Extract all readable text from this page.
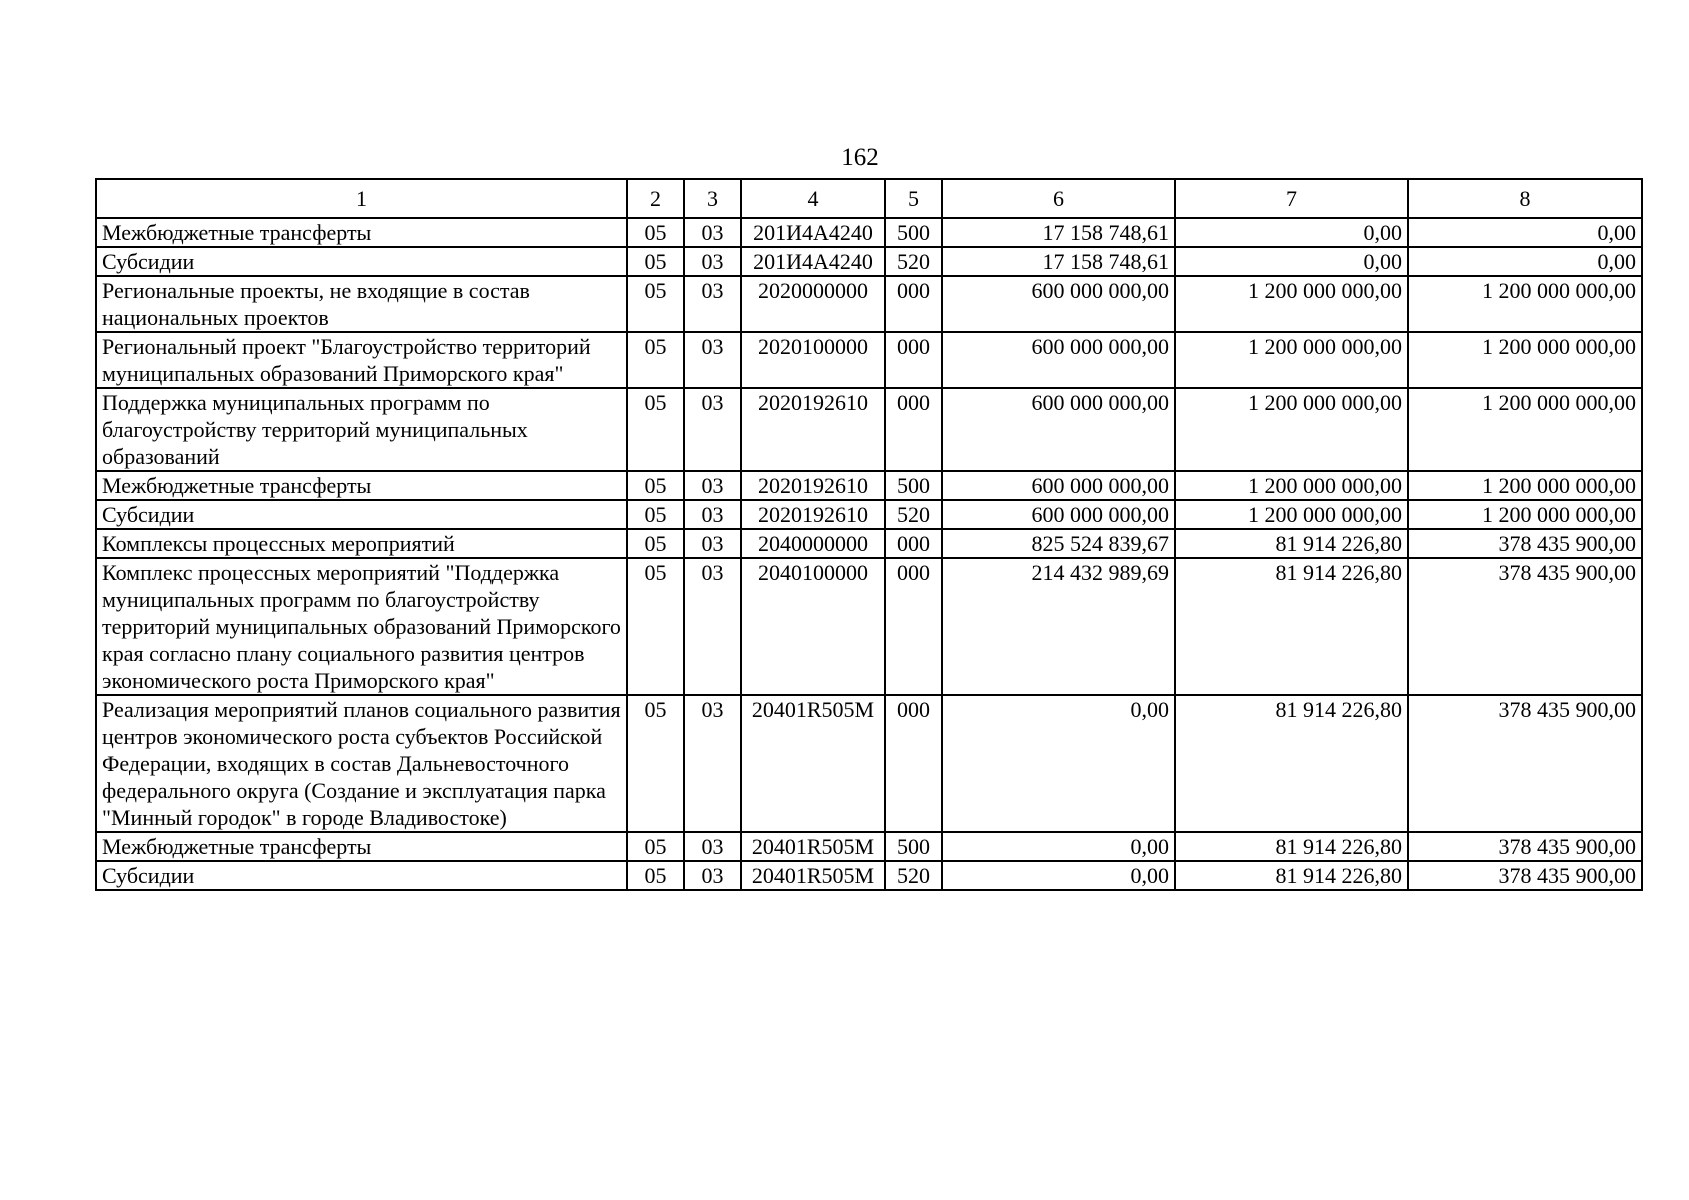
162
1	2	3	4	5	6	7	8
Межбюджетные трансферты	05	03	201И4А4240	500	17 158 748,61	0,00	0,00
Субсидии	05	03	201И4А4240	520	17 158 748,61	0,00	0,00
Региональные проекты, не входящие в состав национальных проектов	05	03	2020000000	000	600 000 000,00	1 200 000 000,00	1 200 000 000,00
Региональный проект "Благоустройство территорий муниципальных образований Приморского края"	05	03	2020100000	000	600 000 000,00	1 200 000 000,00	1 200 000 000,00
Поддержка муниципальных программ по благоустройству территорий муниципальных образований	05	03	2020192610	000	600 000 000,00	1 200 000 000,00	1 200 000 000,00
Межбюджетные трансферты	05	03	2020192610	500	600 000 000,00	1 200 000 000,00	1 200 000 000,00
Субсидии	05	03	2020192610	520	600 000 000,00	1 200 000 000,00	1 200 000 000,00
Комплексы процессных мероприятий	05	03	2040000000	000	825 524 839,67	81 914 226,80	378 435 900,00
Комплекс процессных мероприятий "Поддержка муниципальных программ по благоустройству территорий муниципальных образований Приморского края согласно плану социального развития центров экономического роста Приморского края"	05	03	2040100000	000	214 432 989,69	81 914 226,80	378 435 900,00
Реализация мероприятий планов социального развития центров экономического роста субъектов Российской Федерации, входящих в состав Дальневосточного федерального округа (Создание и эксплуатация парка "Минный городок" в городе Владивостоке)	05	03	20401R505M	000	0,00	81 914 226,80	378 435 900,00
Межбюджетные трансферты	05	03	20401R505M	500	0,00	81 914 226,80	378 435 900,00
Субсидии	05	03	20401R505M	520	0,00	81 914 226,80	378 435 900,00
